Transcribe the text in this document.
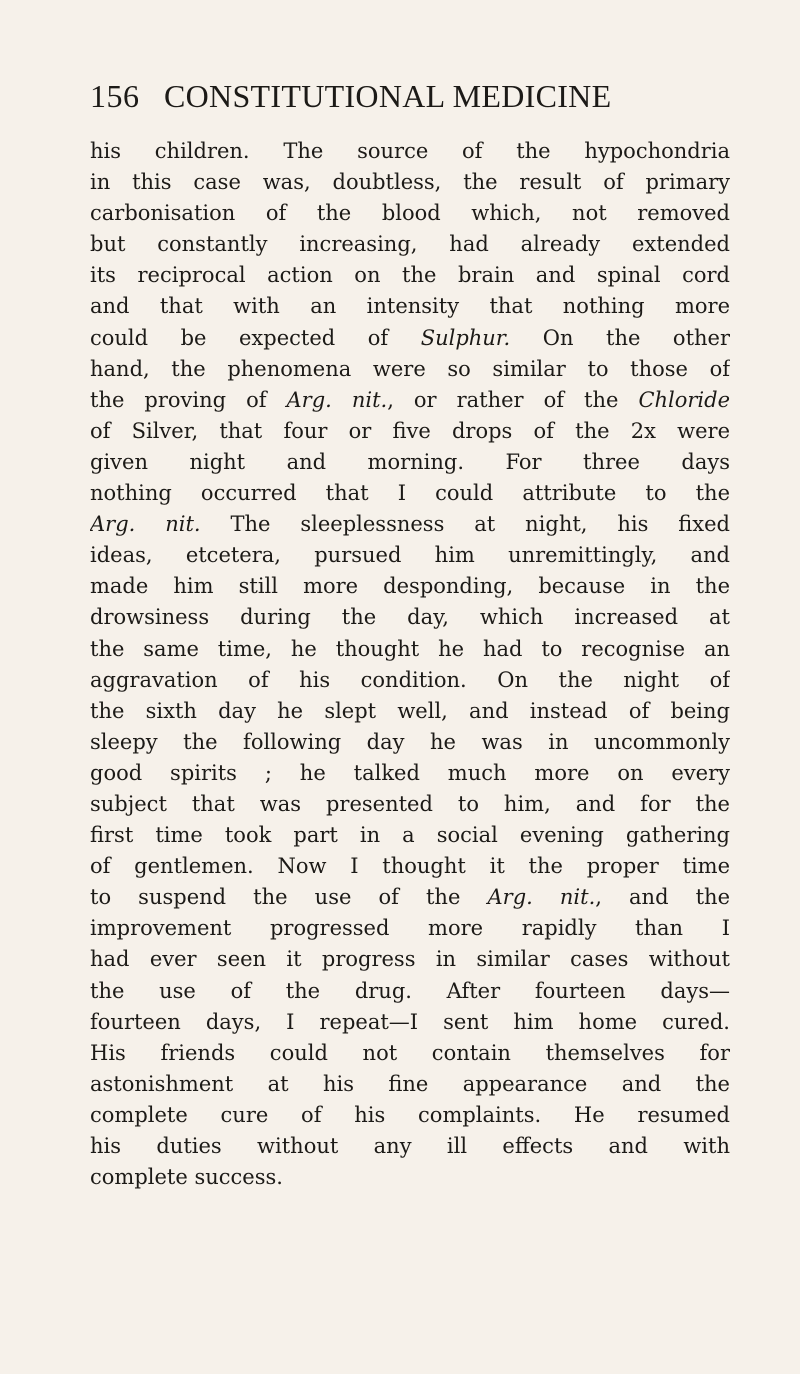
156 CONSTITUTIONAL MEDICINE
his children. The source of the hypochondria
in this case was, doubtless, the result of primary
carbonisation of the blood which, not removed
but constantly increasing, had already extended
its reciprocal action on the brain and spinal cord
and that with an intensity that nothing more
could be expected of Sulphur. On the other
hand, the phenomena were so similar to those of
the proving of Arg. nit., or rather of the Chloride
of Silver, that four or five drops of the 2x were
given night and morning. For three days
nothing occurred that I could attribute to the
Arg. nit. The sleeplessness at night, his fixed
ideas, etcetera, pursued him unremittingly, and
made him still more desponding, because in the
drowsiness during the day, which increased at
the same time, he thought he had to recognise an
aggravation of his condition. On the night of
the sixth day he slept well, and instead of being
sleepy the following day he was in uncommonly
good spirits ; he talked much more on every
subject that was presented to him, and for the
first time took part in a social evening gathering
of gentlemen. Now I thought it the proper time
to suspend the use of the Arg. nit., and the
improvement progressed more rapidly than I
had ever seen it progress in similar cases without
the use of the drug. After fourteen days—
fourteen days, I repeat—I sent him home cured.
His friends could not contain themselves for
astonishment at his fine appearance and the
complete cure of his complaints. He resumed
his duties without any ill effects and with
complete success.
